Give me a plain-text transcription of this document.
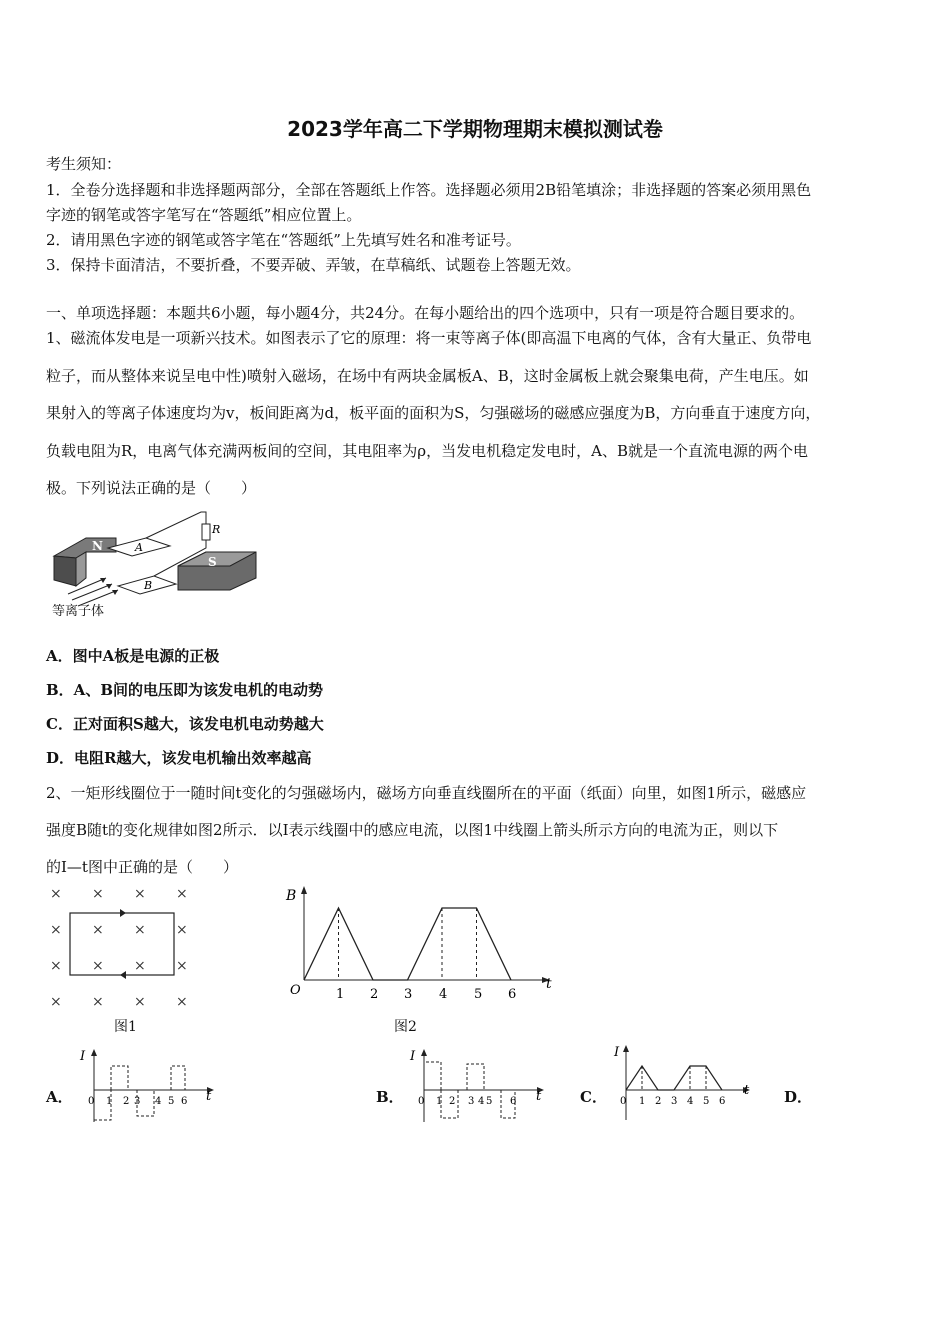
2023学年高二下学期物理期末模拟测试卷
考生须知：
1．全卷分选择题和非选择题两部分，全部在答题纸上作答。选择题必须用2B铅笔填涂；非选择题的答案必须用黑色
字迹的钢笔或答字笔写在“答题纸”相应位置上。
2．请用黑色字迹的钢笔或答字笔在“答题纸”上先填写姓名和准考证号。
3．保持卡面清洁，不要折叠，不要弄破、弄皱，在草稿纸、试题卷上答题无效。
一、单项选择题：本题共6小题，每小题4分，共24分。在每小题给出的四个选项中，只有一项是符合题目要求的。
1、磁流体发电是一项新兴技术。如图表示了它的原理：将一束等离子体(即高温下电离的气体，含有大量正、负带电
粒子，而从整体来说呈电中性)喷射入磁场，在场中有两块金属板A、B，这时金属板上就会聚集电荷，产生电压。如
果射入的等离子体速度均为v，板间距离为d，板平面的面积为S，匀强磁场的磁感应强度为B，方向垂直于速度方向，
负载电阻为R，电离气体充满两板间的空间，其电阻率为ρ，当发电机稳定发电时，A、B就是一个直流电源的两个电
极。下列说法正确的是（　　）
N	A
B
R
S
等离子体
A．图中A板是电源的正极
B．A、B间的电压即为该发电机的电动势
C．正对面积S越大，该发电机电动势越大
D．电阻R越大，该发电机输出效率越高
2、一矩形线圈位于一随时间t变化的匀强磁场内，磁场方向垂直线圈所在的平面（纸面）向里，如图1所示，磁感应
强度B随t的变化规律如图2所示．以I表示线圈中的感应电流，以图1中线圈上箭头所示方向的电流为正，则以下
的I—t图中正确的是（　　）
× × × ×
× × × ×
× × × ×
× × × ×
图1
B
t
O	1 2 3 4 5 6
图2
A．
I
t
0 1 2 3 4 5 6	B．
I
t
0 1 2 3 4 5 6	C．
I
t
0 1 2 3 4 5 6	D．
